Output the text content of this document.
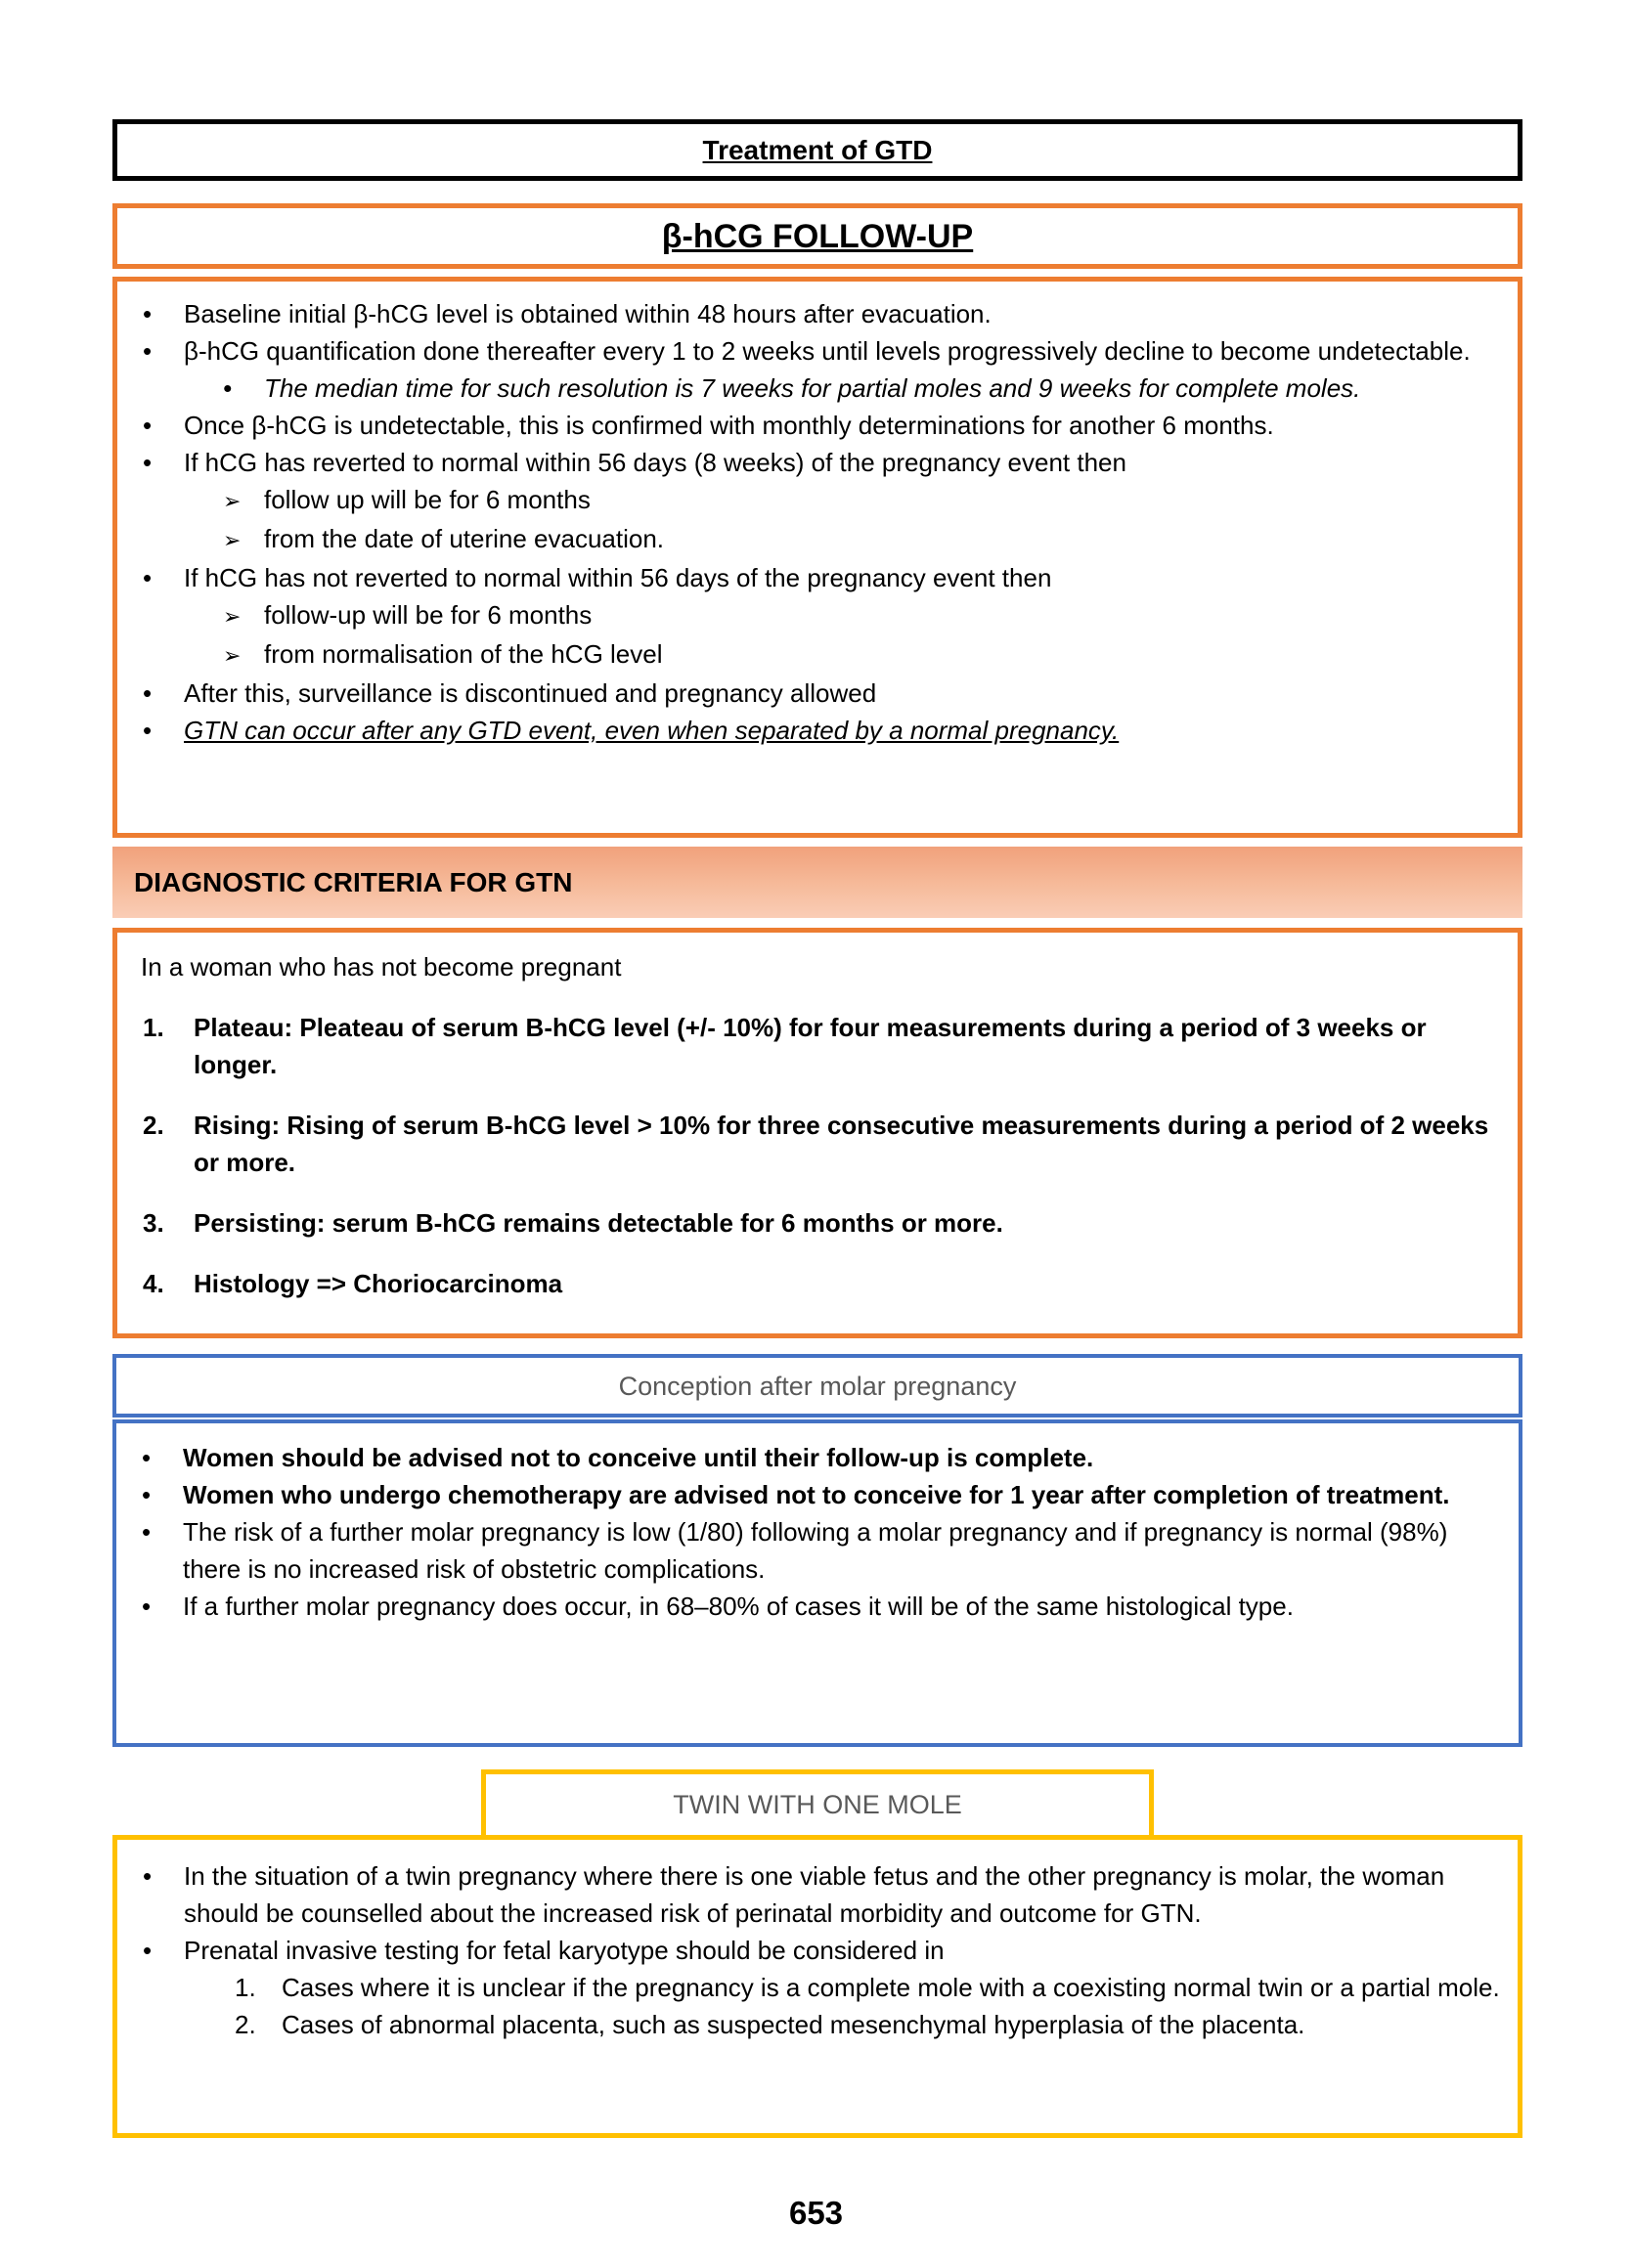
Treatment of GTD
β-hCG FOLLOW-UP
•
Baseline initial β-hCG level is obtained within 48 hours after evacuation.
•
β-hCG quantification done thereafter every 1 to 2 weeks until levels progressively decline to become undetectable.
•
The median time for such resolution is 7 weeks for partial moles and 9 weeks for complete moles.
•
Once β-hCG is undetectable, this is confirmed with monthly determinations for another 6 months.
•
If hCG has reverted to normal within 56 days (8 weeks) of the pregnancy event then
➢
follow up will be for 6 months
➢
from the date of uterine evacuation.
•
If hCG has not reverted to normal within 56 days of the pregnancy event then
➢
follow-up will be for 6 months
➢
from normalisation of the hCG level
•
After this, surveillance is discontinued and pregnancy allowed
•
GTN can occur after any GTD event, even when separated by a normal pregnancy.
DIAGNOSTIC CRITERIA FOR GTN
In a woman who has not become pregnant
1.	Plateau: Pleateau of serum B-hCG level (+/- 10%) for four measurements during a period of 3 weeks or longer.
2.	Rising: Rising of serum B-hCG level > 10% for three consecutive measurements during a period of 2 weeks or more.
3.	Persisting: serum B-hCG remains detectable for 6 months or more.
4.	Histology => Choriocarcinoma
Conception after molar pregnancy
•
Women should be advised not to conceive until their follow-up is complete.
•
Women who undergo chemotherapy are advised not to conceive for 1 year after completion of treatment.
•
The risk of a further molar pregnancy is low (1/80) following a molar pregnancy and if pregnancy is normal (98%) there is no increased risk of obstetric complications.
•
If a further molar pregnancy does occur, in 68–80% of cases it will be of the same histological type.
TWIN WITH ONE MOLE
•
In the situation of a twin pregnancy where there is one viable fetus and the other pregnancy is molar, the woman should be counselled about the increased risk of perinatal morbidity and outcome for GTN.
•
Prenatal invasive testing for fetal karyotype should be considered in
1.	Cases where it is unclear if the pregnancy is a complete mole with a coexisting normal twin or a partial mole.
2.	Cases of abnormal placenta, such as suspected mesenchymal hyperplasia of the placenta.
653
